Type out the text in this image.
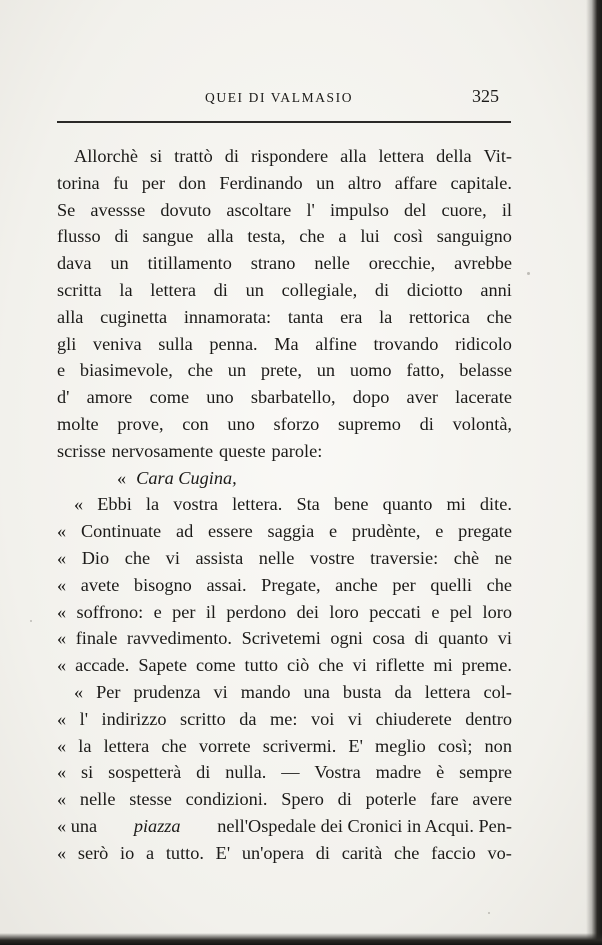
QUEI DI VALMASIO	325
Allorchè si trattò di rispondere alla lettera della Vit-
torina fu per don Ferdinando un altro affare capitale.
Se avessse dovuto ascoltare l' impulso del cuore, il
flusso di sangue alla testa, che a lui così sanguigno
dava un titillamento strano nelle orecchie, avrebbe
scritta la lettera di un collegiale, di diciotto anni
alla cuginetta innamorata: tanta era la rettorica che
gli veniva sulla penna. Ma alfine trovando ridicolo
e biasimevole, che un prete, un uomo fatto, belasse
d' amore come uno sbarbatello, dopo aver lacerate
molte prove, con uno sforzo supremo di volontà,
scrisse nervosamente queste parole:
« Cara Cugina,
« Ebbi la vostra lettera. Sta bene quanto mi dite.
« Continuate ad essere saggia e prudènte, e pregate
« Dio che vi assista nelle vostre traversie: chè ne
« avete bisogno assai. Pregate, anche per quelli che
« soffrono: e per il perdono dei loro peccati e pel loro
« finale ravvedimento. Scrivetemi ogni cosa di quanto vi
« accade. Sapete come tutto ciò che vi riflette mi preme.
« Per prudenza vi mando una busta da lettera col-
« l' indirizzo scritto da me: voi vi chiuderete dentro
« la lettera che vorrete scrivermi. E' meglio così; non
« si sospetterà di nulla. — Vostra madre è sempre
« nelle stesse condizioni. Spero di poterle fare avere
« una piazza nell'Ospedale dei Cronici in Acqui. Pen-
« serò io a tutto. E' un'opera di carità che faccio vo-
